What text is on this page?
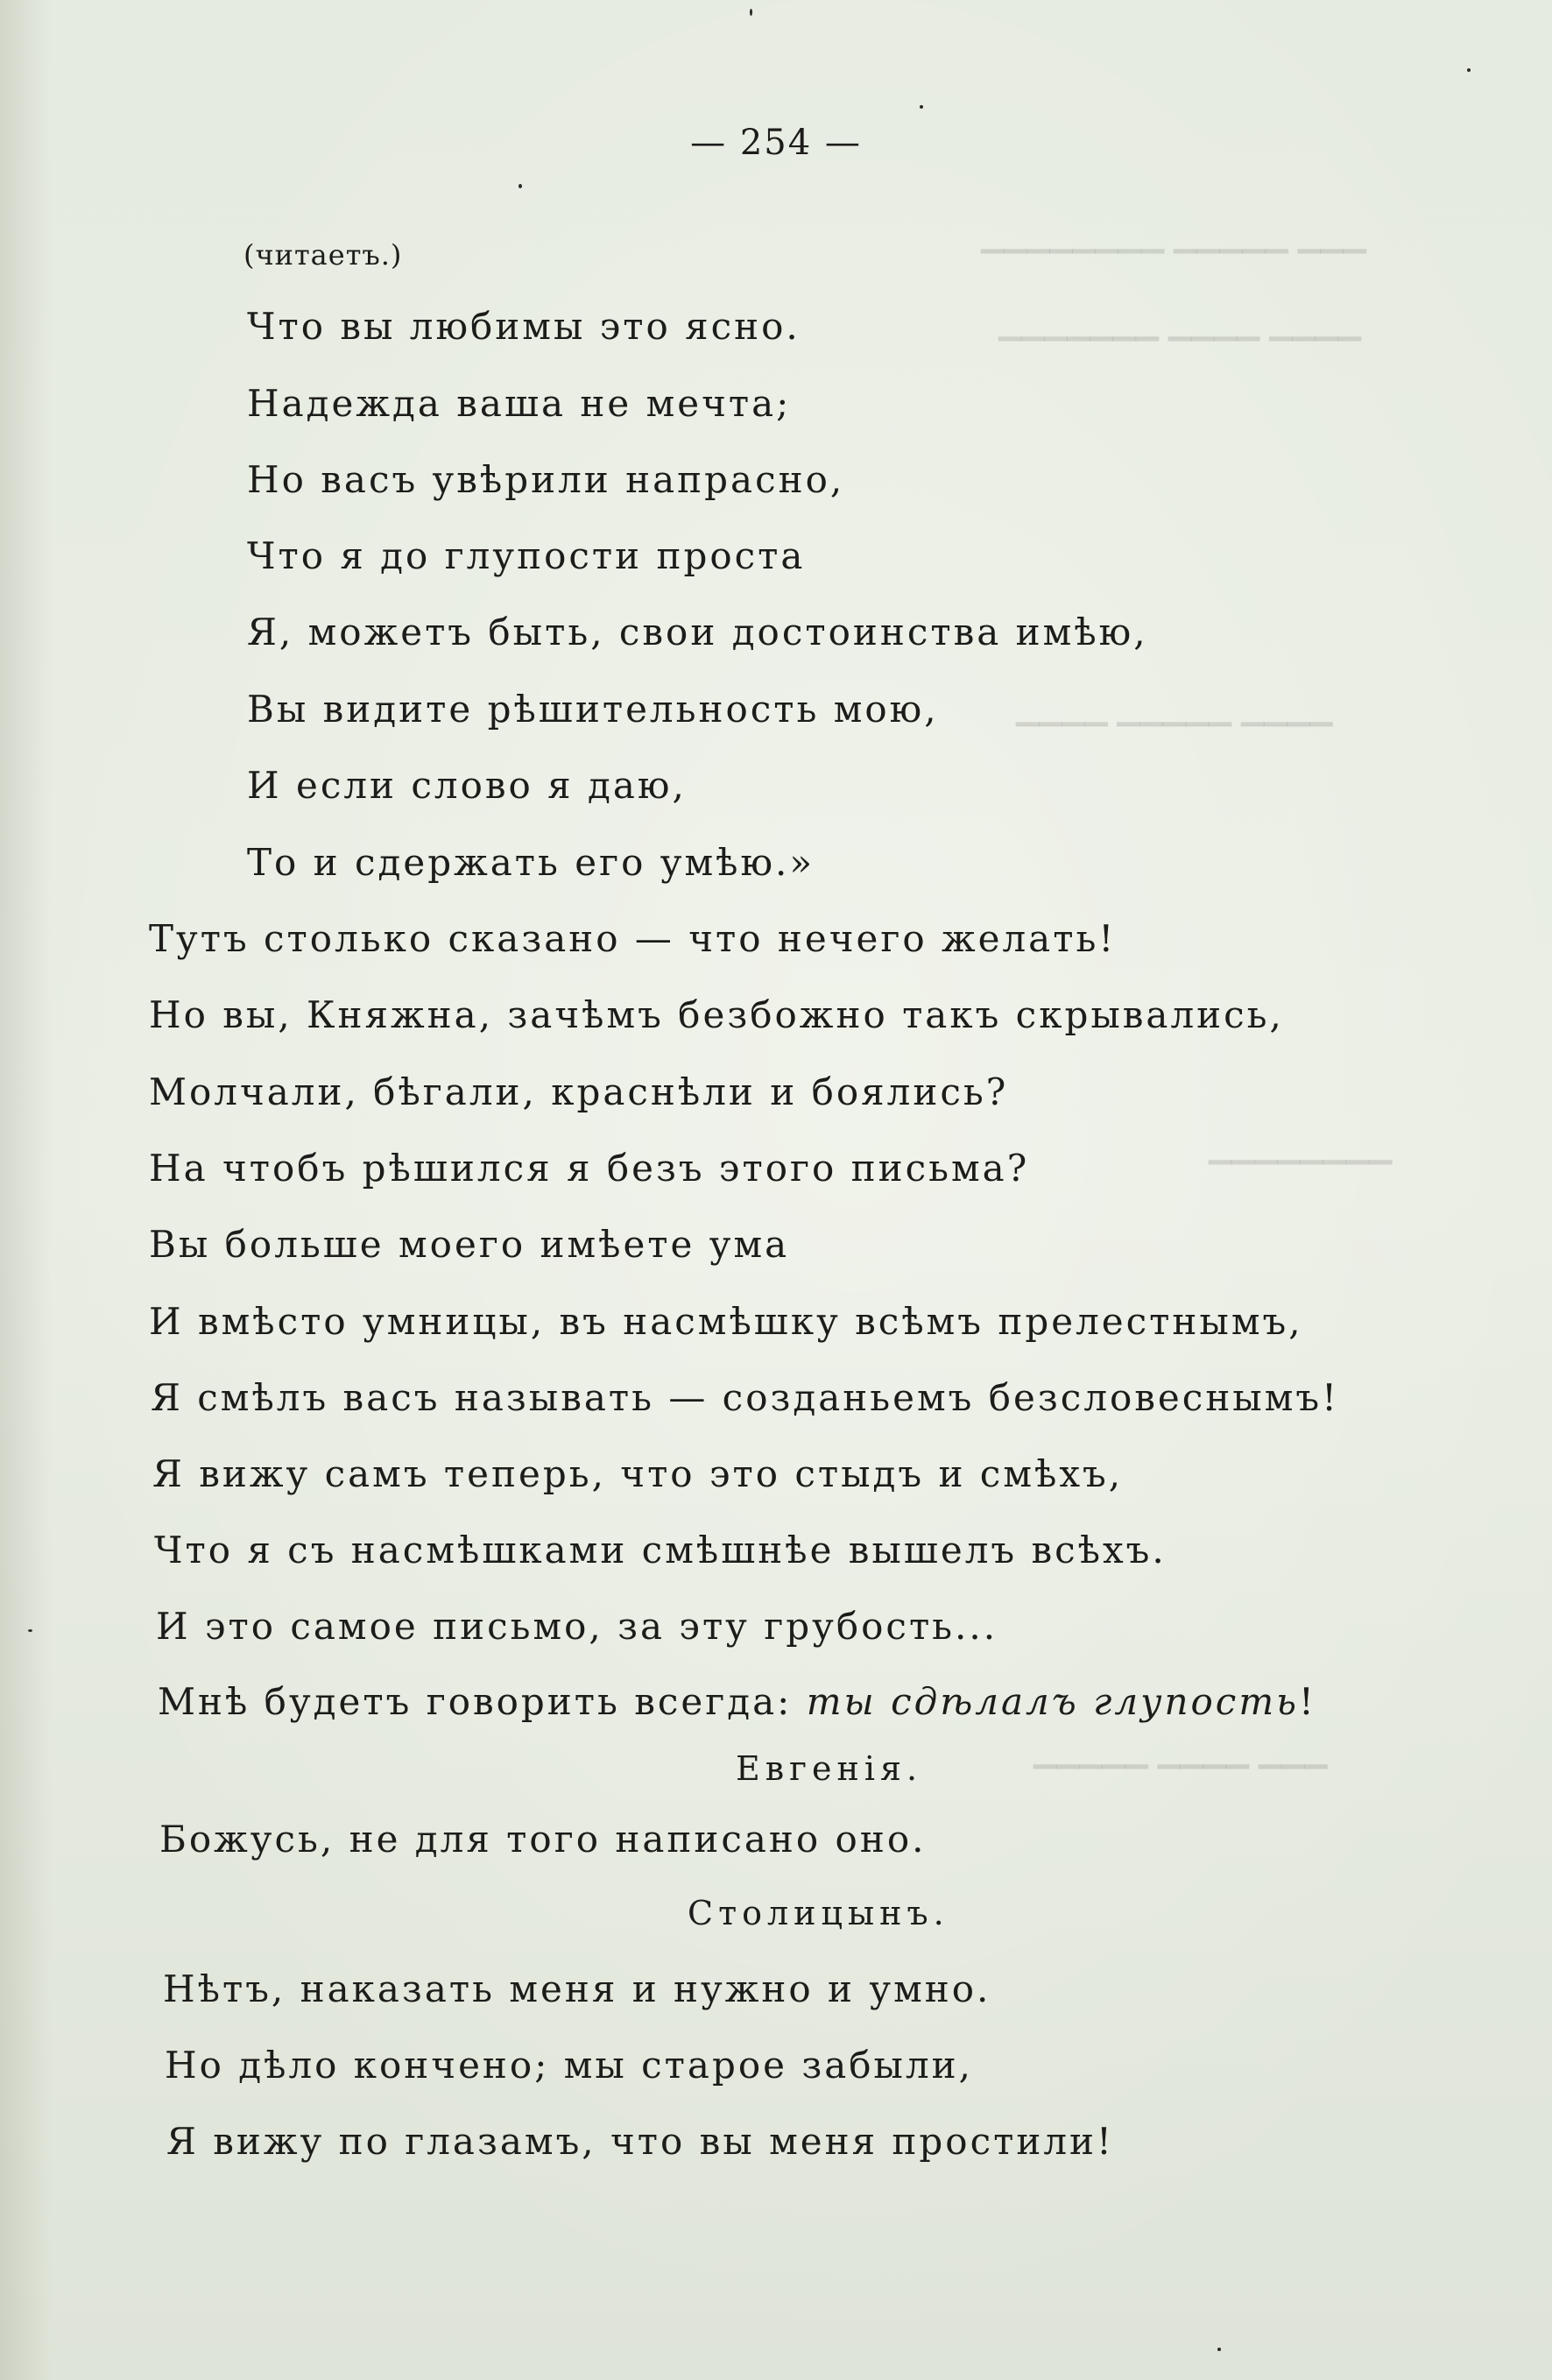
▁▁▁ ▁▁▁▁▁ ▁▁▁▁▁▁▁▁
▁▁▁▁ ▁▁▁▁ ▁▁▁▁▁▁▁
▁▁▁▁ ▁▁▁▁▁ ▁▁▁▁
▁▁▁▁▁▁▁▁
▁▁▁ ▁▁▁▁ ▁▁▁▁▁
— 254 —
(читаетъ.)
Что вы любимы это ясно.
Надежда ваша не мечта;
Но васъ увѣрили напрасно,
Что я до глупости проста
Я, можетъ быть, свои достоинства имѣю,
Вы видите рѣшительность мою,
И если слово я даю,
То и сдержать его умѣю.»
Тутъ столько сказано — что нечего желать!
Но вы, Княжна, зачѣмъ безбожно такъ скрывались,
Молчали, бѣгали, краснѣли и боялись?
На чтобъ рѣшился я безъ этого письма?
Вы больше моего имѣете ума
И вмѣсто умницы, въ насмѣшку всѣмъ прелестнымъ,
Я смѣлъ васъ называть — созданьемъ безсловеснымъ!
Я вижу самъ теперь, что это стыдъ и смѣхъ,
Что я съ насмѣшками смѣшнѣе вышелъ всѣхъ.
И это самое письмо, за эту грубость...
Мнѣ будетъ говорить всегда: ты сдѣлалъ глупость!
Евгенія.
Божусь, не для того написано оно.
Столицынъ.
Нѣтъ, наказать меня и нужно и умно.
Но дѣло кончено; мы старое забыли,
Я вижу по глазамъ, что вы меня простили!
